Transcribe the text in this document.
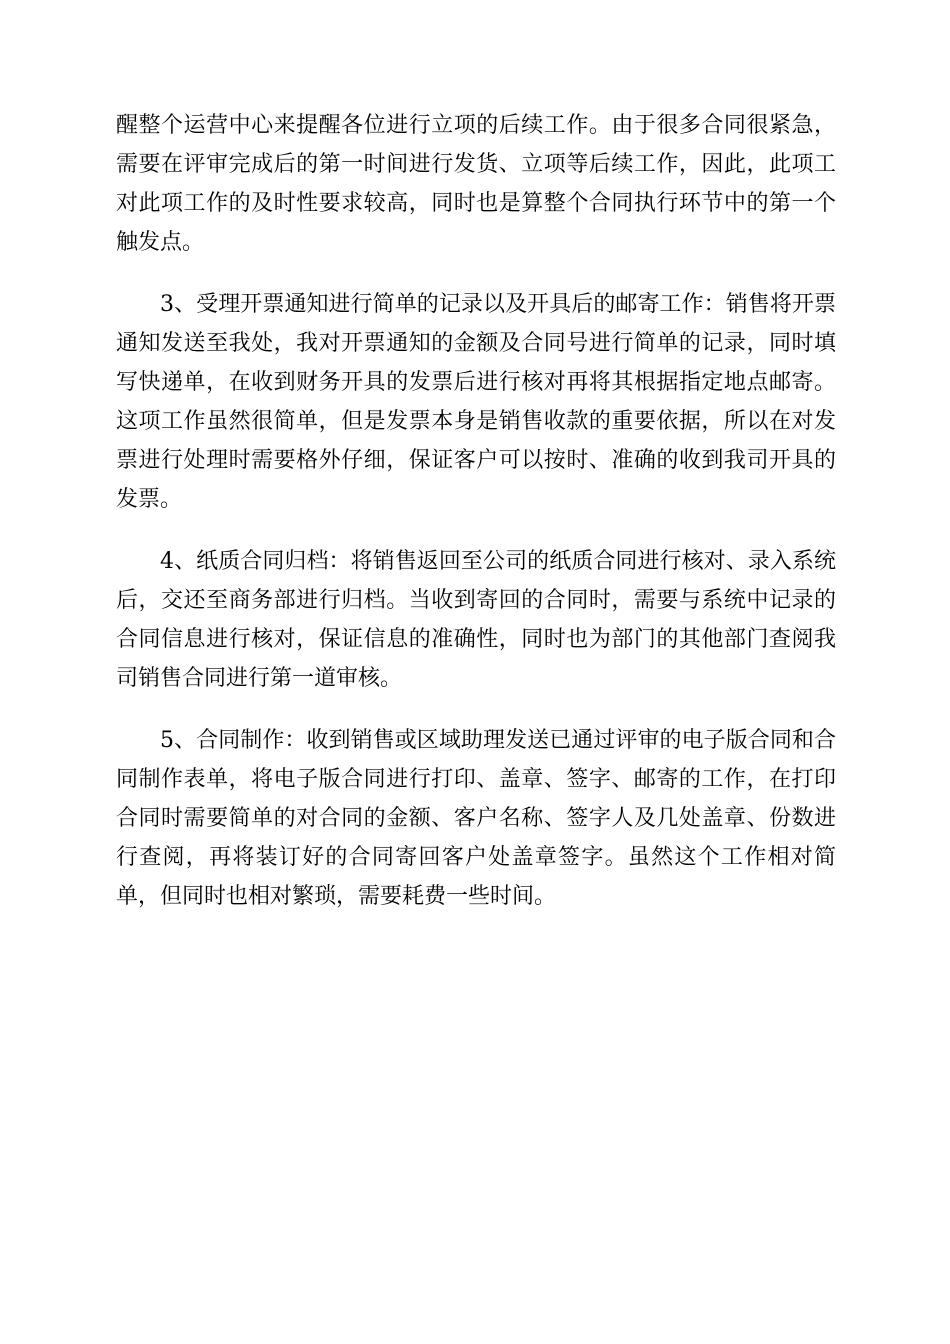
醒整个运营中心来提醒各位进行立项的后续工作。由于很多合同很紧急，需要在评审完成后的第一时间进行发货、立项等后续工作，因此，此项工对此项工作的及时性要求较高，同时也是算整个合同执行环节中的第一个触发点。

3、受理开票通知进行简单的记录以及开具后的邮寄工作：销售将开票通知发送至我处，我对开票通知的金额及合同号进行简单的记录，同时填写快递单，在收到财务开具的发票后进行核对再将其根据指定地点邮寄。这项工作虽然很简单，但是发票本身是销售收款的重要依据，所以在对发票进行处理时需要格外仔细，保证客户可以按时、准确的收到我司开具的发票。

4、纸质合同归档：将销售返回至公司的纸质合同进行核对、录入系统后，交还至商务部进行归档。当收到寄回的合同时，需要与系统中记录的合同信息进行核对，保证信息的准确性，同时也为部门的其他部门查阅我司销售合同进行第一道审核。

5、合同制作：收到销售或区域助理发送已通过评审的电子版合同和合同制作表单，将电子版合同进行打印、盖章、签字、邮寄的工作，在打印合同时需要简单的对合同的金额、客户名称、签字人及几处盖章、份数进行查阅，再将装订好的合同寄回客户处盖章签字。虽然这个工作相对简单，但同时也相对繁琐，需要耗费一些时间。
